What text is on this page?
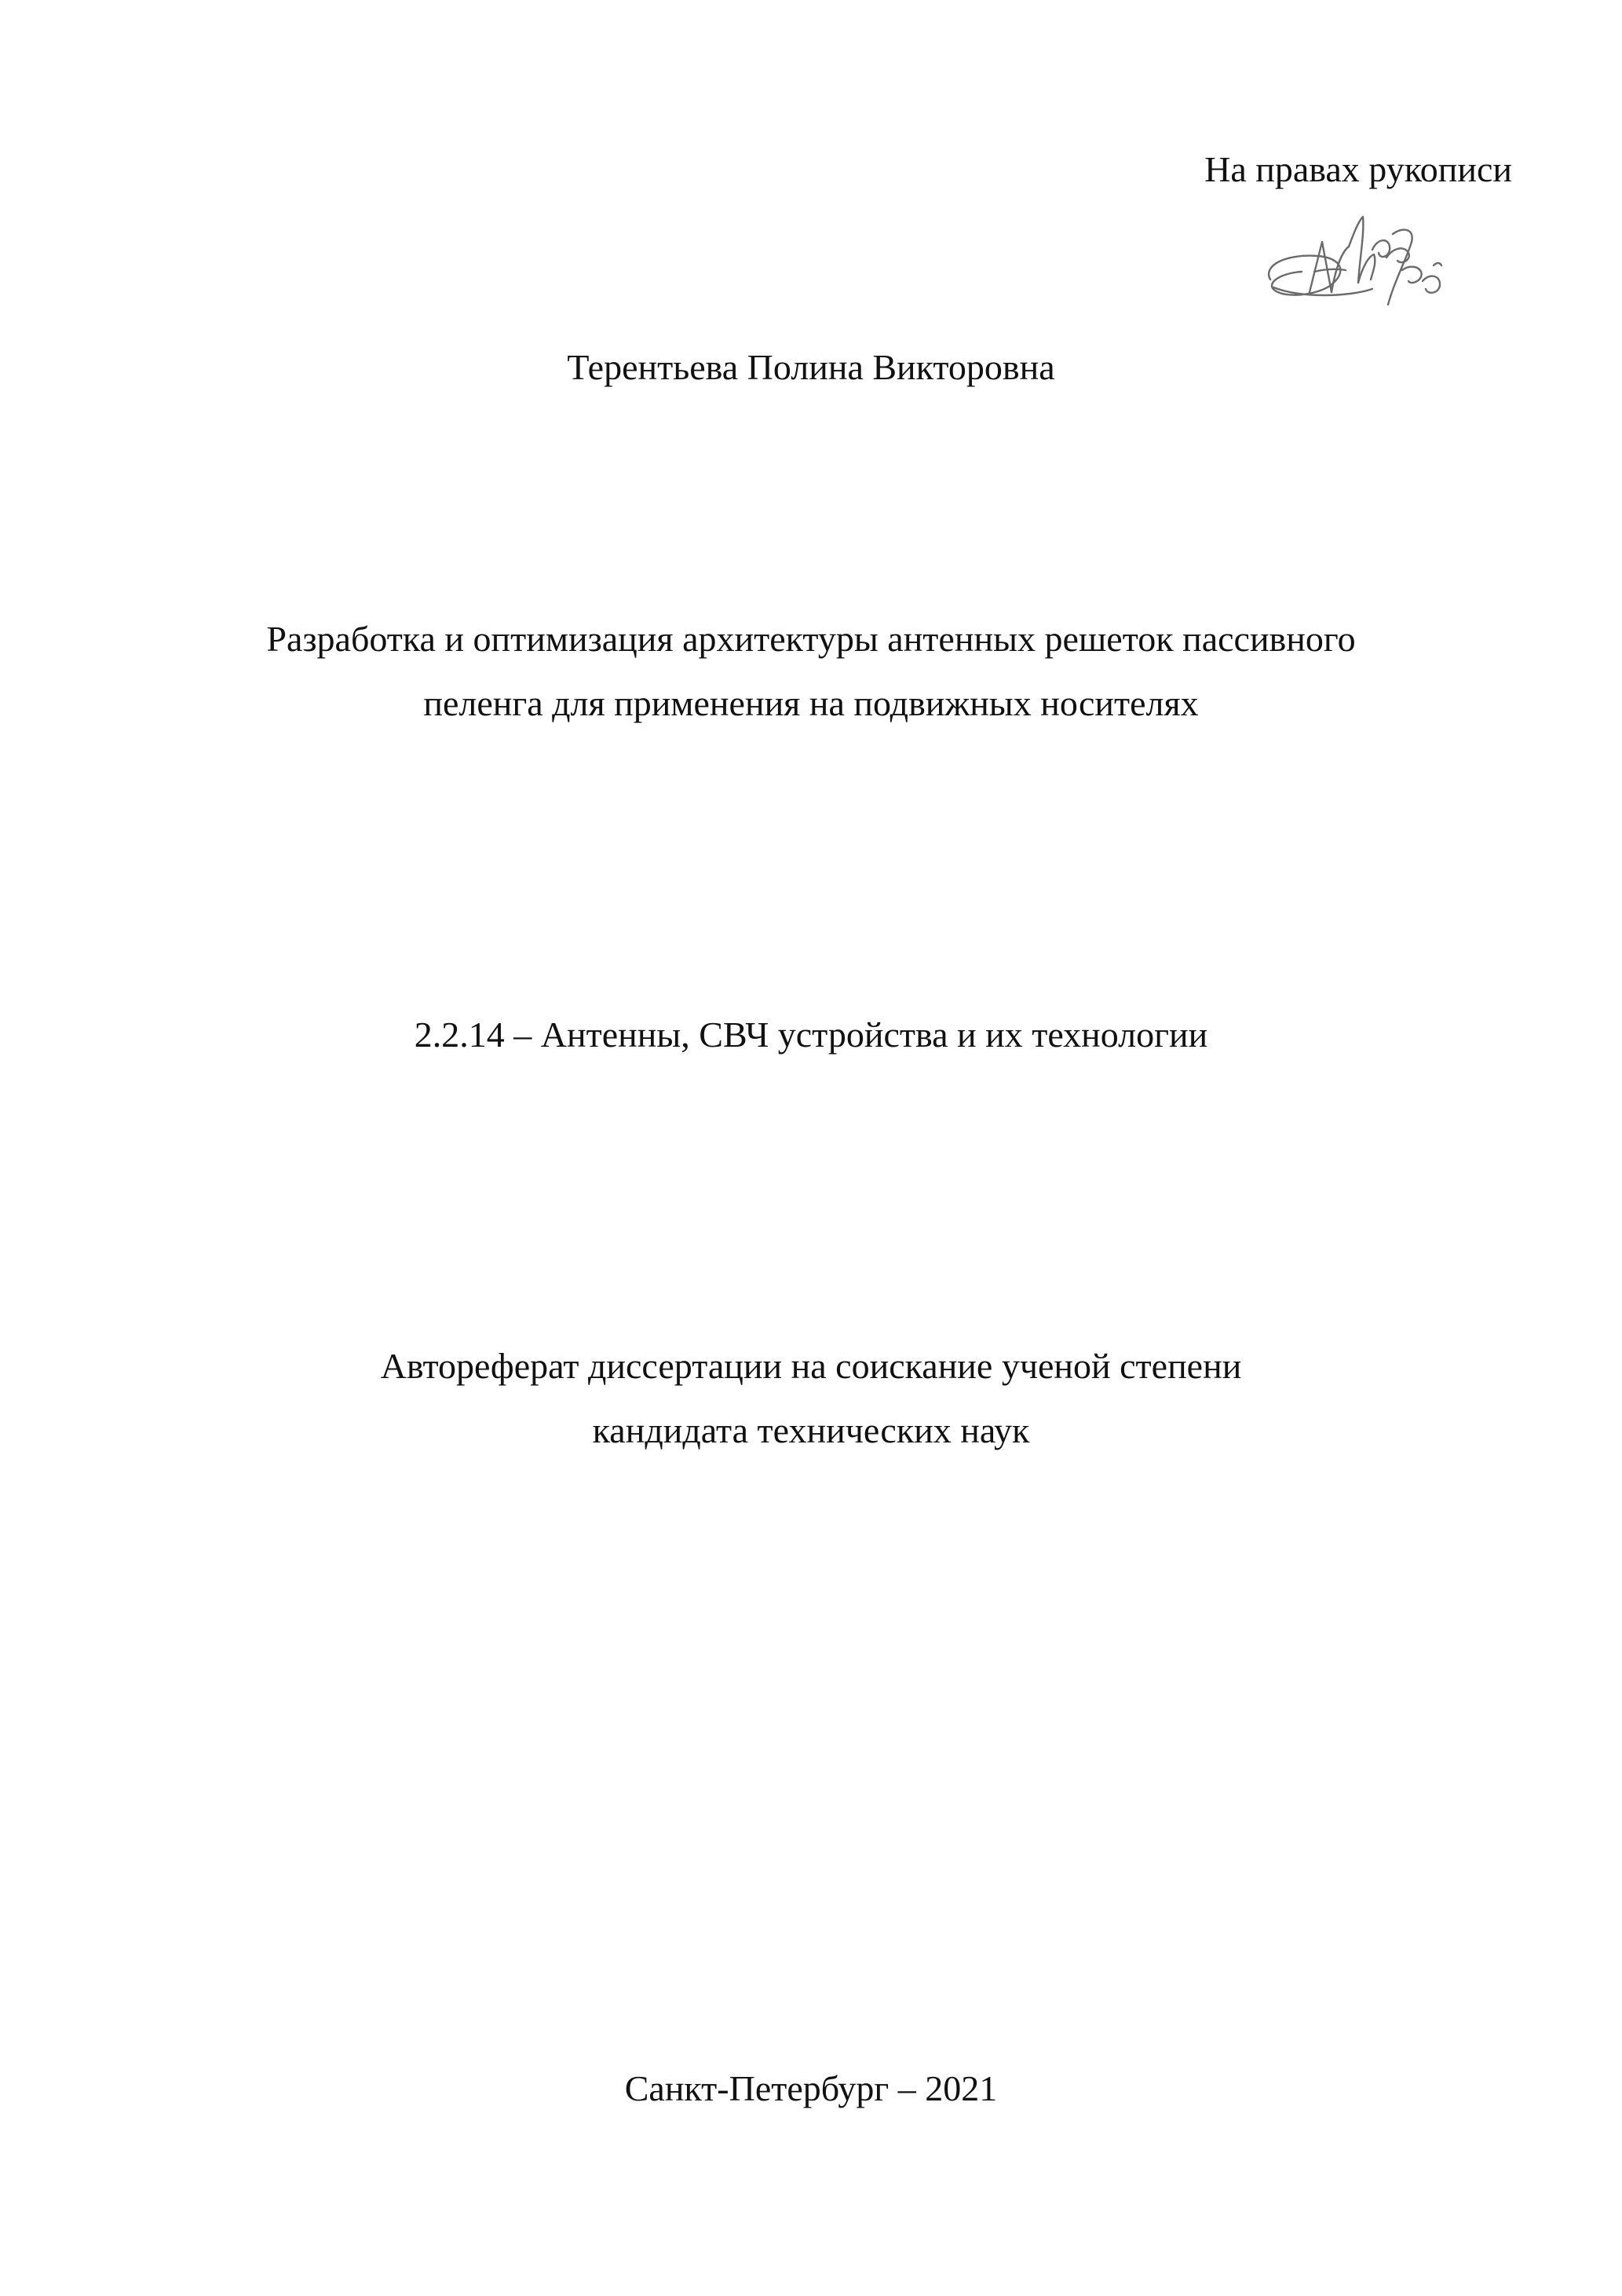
На правах рукописи
Терентьева Полина Викторовна
Разработка и оптимизация архитектуры антенных решеток пассивного
пеленга для применения на подвижных носителях
2.2.14 – Антенны, СВЧ устройства и их технологии
Автореферат диссертации на соискание ученой степени
кандидата технических наук
Санкт-Петербург – 2021
